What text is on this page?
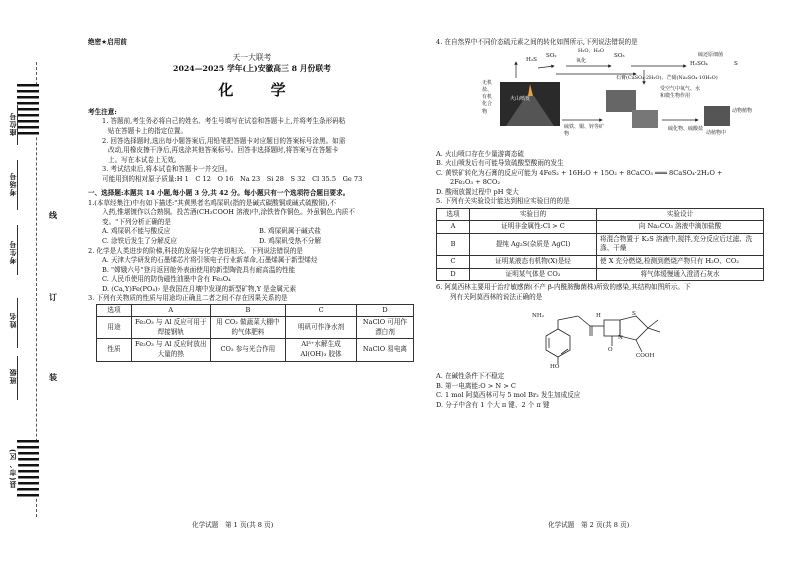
座位号
考场号
考生号
姓名
班级
县(市、区)
线
订
装

绝密★启用前

天一大联考

2024—2025 学年(上)安徽高三 8 月份联考

化 学

考生注意:

1. 答题前,考生务必将自己的姓名、考生号填写在试卷和答题卡上,并将考生条形码粘

贴在答题卡上的指定位置。

2. 回答选择题时,选出每小题答案后,用铅笔把答题卡对应题目的答案标号涂黑。如需

改动,用橡皮擦干净后,再选涂其他答案标号。回答非选择题时,将答案写在答题卡

上。写在本试卷上无效。

3. 考试结束后,将本试卷和答题卡一并交回。

可能用到的相对原子质量:H 1　C 12　O 16　Na 23　Si 28　S 32　Cl 35.5　Ge 73

一、选择题:本题共 14 小题,每小题 3 分,共 42 分。每小题只有一个选项符合题目要求。

1.(本草经集注)中有如下描述:"其黄黑者名鸡屎矾(指的是碱式碳酸铜或碱式硫酸铜),不

入药,惟堪镀作以合熟铜。投苦酒(CH₃COOH 溶液)中,涂铁皆作铜色。外虽铜色,内质不

变。"下列分析正确的是

A. 鸡屎矾不能与酸反应	B. 鸡屎矾属于碱式盐
C. 涂铁后发生了分解反应	D. 鸡屎矾受热不分解

2. 化学是人类进步的阶梯,科技的发展与化学密切相关。下列说法错误的是

A. 天津大学研发的石墨烯芯片将引领电子行业新革命,石墨烯属于新型烯烃

B. "嫦娥六号"登月返回舱外表面使用的新型陶瓷具有耐高温的性能

C. 人民币使用的防伪磁性油墨中含有 Fe₃O₄

D. (Ca,Y)Fe(PO₄)₇ 是我国在月壤中发现的新型矿物,Y 是金属元素

3. 下列有关物质的性质与用途均正确且二者之间不存在因果关系的是

选项	A	B	C	D
用途	Fe₂O₃ 与 Al 反应可用于焊接钢轨	用 CO₂ 做蔬菜大棚中的气体肥料	明矾可作净水剂	NaClO 可用作漂白剂
性质	Fe₂O₃ 与 Al 反应时放出大量的热	CO₂ 参与光合作用	Al³⁺水解生成 Al(OH)₃ 胶体	NaClO 易电离

化学试题　第 1 页(共 8 页)

4. 在自然界中不同价态硫元素之间的转化如图所示,下列说法错误的是

H₂S
SO₂	SO₃
H₂SO₄	S
氧化
H₂O、H₂O
硫还原细菌
石膏(CaSO₄·2H₂O)、芒硝(Na₂SO₄·10H₂O)
火山喷发
硫铁、铜、锌等矿物
无机盐、有机化合物
受空气中氧气、水和微生物作用
硫化物、硫酸盐
动物植物
动植物中

A. 火山喷口存在少量游离态硫

B. 火山喷发后有可能导致硫酸型酸雨的发生

C. 黄铁矿转化为石膏的反应可能为 4FeS₂ + 16H₂O + 15O₂ + 8CaCO₃ ═══ 8CaSO₄·2H₂O +

2Fe₂O₃ + 8CO₂

D. 酸雨放置过程中 pH 变大

5. 下列有关实验设计能达到相应实验目的的是

选项	实验目的	实验设计
A	证明非金属性:Cl > C	向 Na₂CO₃ 溶液中滴加盐酸
B	提纯 Ag₂S(杂质是 AgCl)	将混合物置于 K₂S 溶液中,搅拌,充分反应后过滤、洗涤、干燥
C	证明某液态有机物(X)是烃	使 X 充分燃烧,检测到燃烧产物只有 H₂O、CO₂
D	证明某气体是 CO₂	将气体缓慢通入澄清石灰水

6. 阿莫西林主要用于治疗敏感菌(不产 β-内酰胺酶菌株)所致的感染,其结构如图所示。下

列有关阿莫西林的说法正确的是

NH₂	H	S
N
O
COOH
HO

A. 在碱性条件下不稳定

B. 第一电离能:O > N > C

C. 1 mol 阿莫西林可与 5 mol Br₂ 发生加成反应

D. 分子中含有 1 个大 π 键、2 个 π 键

化学试题　第 2 页(共 8 页)
